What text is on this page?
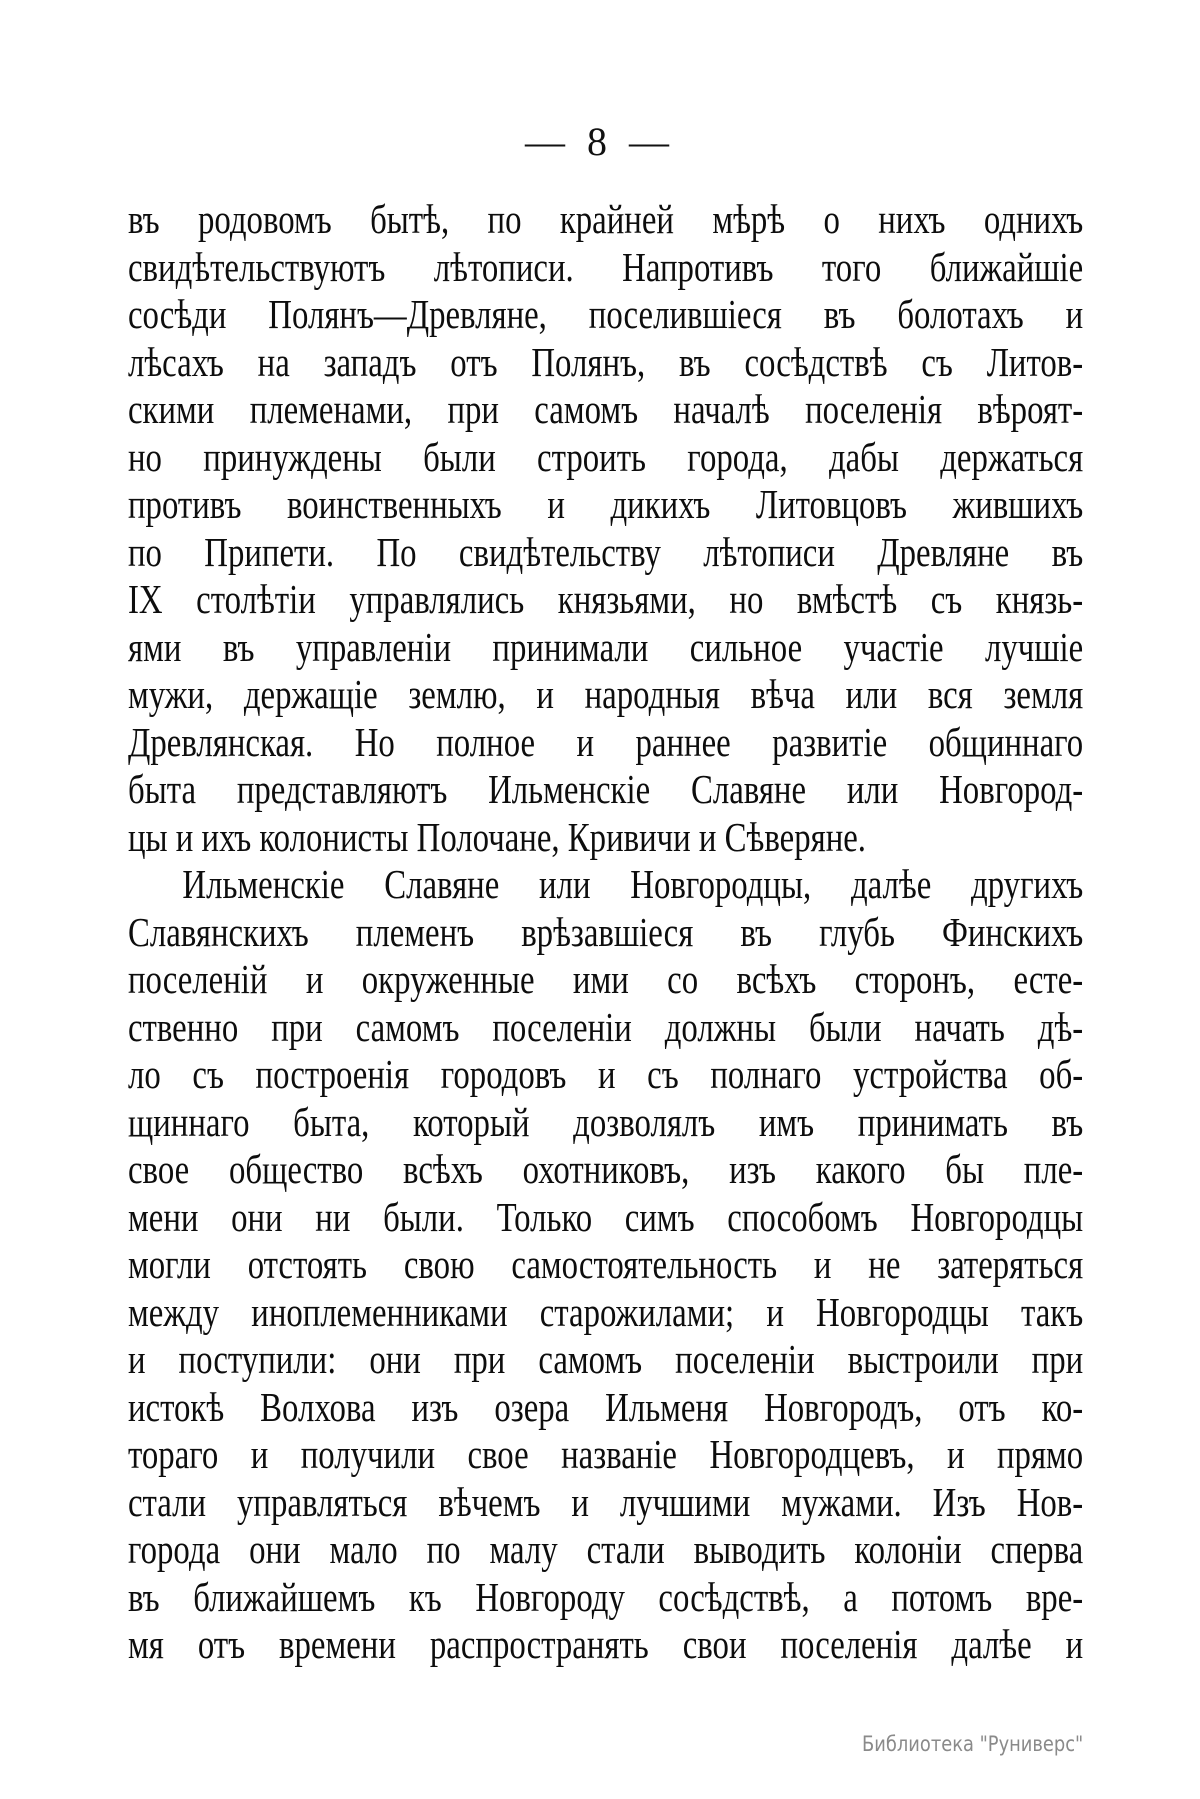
— 8 —
въ родовомъ бытѣ, по крайней мѣрѣ о нихъ однихъ
свидѣтельствуютъ лѣтописи. Напротивъ того ближайшіе
сосѣди Полянъ—Древляне, поселившіеся въ болотахъ и
лѣсахъ на западъ отъ Полянъ, въ сосѣдствѣ съ Литов-
скими племенами, при самомъ началѣ поселенія вѣроят-
но принуждены были строить города, дабы держаться
противъ воинственныхъ и дикихъ Литовцовъ жившихъ
по Припети. По свидѣтельству лѣтописи Древляне въ
IX столѣтіи управлялись князьями, но вмѣстѣ съ князь-
ями въ управленіи принимали сильное участіе лучшіе
мужи, держащіе землю, и народныя вѣча или вся земля
Древлянская. Но полное и раннее развитіе общиннаго
быта представляютъ Ильменскіе Славяне или Новгород-
цы и ихъ колонисты Полочане, Кривичи и Сѣверяне.
Ильменскіе Славяне или Новгородцы, далѣе другихъ
Славянскихъ племенъ врѣзавшіеся въ глубь Финскихъ
поселеній и окруженные ими со всѣхъ сторонъ, есте-
ственно при самомъ поселеніи должны были начать дѣ-
ло съ построенія городовъ и съ полнаго устройства об-
щиннаго быта, который дозволялъ имъ принимать въ
свое общество всѣхъ охотниковъ, изъ какого бы пле-
мени они ни были. Только симъ способомъ Новгородцы
могли отстоять свою самостоятельность и не затеряться
между иноплеменниками старожилами; и Новгородцы такъ
и поступили: они при самомъ поселеніи выстроили при
истокѣ Волхова изъ озера Ильменя Новгородъ, отъ ко-
тораго и получили свое названіе Новгородцевъ, и прямо
стали управляться вѣчемъ и лучшими мужами. Изъ Нов-
города они мало по малу стали выводить колоніи сперва
въ ближайшемъ къ Новгороду сосѣдствѣ, а потомъ вре-
мя отъ времени распространять свои поселенія далѣе и
Библиотека "Руниверс"
